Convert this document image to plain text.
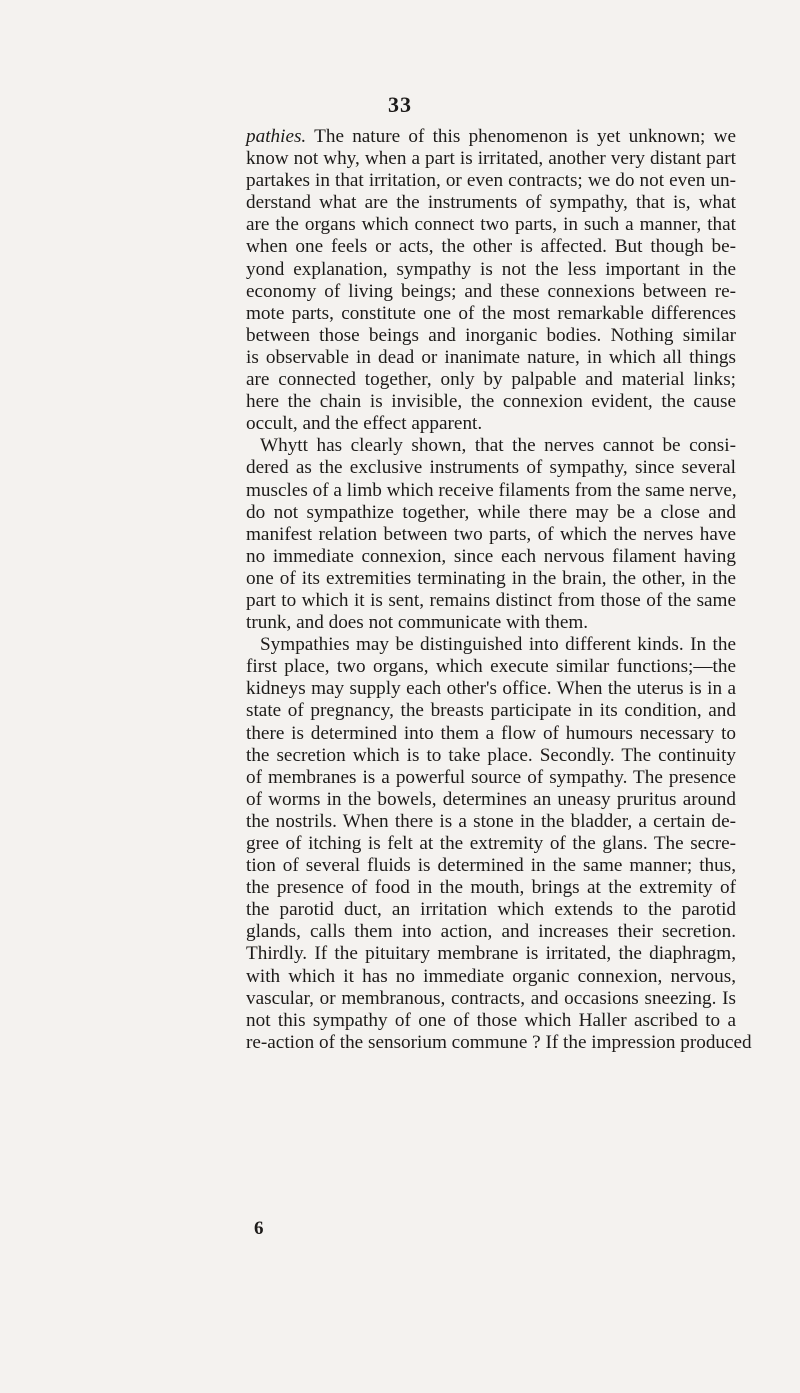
33
pathies. The nature of this phenomenon is yet unknown; we
know not why, when a part is irritated, another very distant part
partakes in that irritation, or even contracts; we do not even un-
derstand what are the instruments of sympathy, that is, what
are the organs which connect two parts, in such a manner, that
when one feels or acts, the other is affected. But though be-
yond explanation, sympathy is not the less important in the
economy of living beings; and these connexions between re-
mote parts, constitute one of the most remarkable differences
between those beings and inorganic bodies. Nothing similar
is observable in dead or inanimate nature, in which all things
are connected together, only by palpable and material links;
here the chain is invisible, the connexion evident, the cause
occult, and the effect apparent.
Whytt has clearly shown, that the nerves cannot be consi-
dered as the exclusive instruments of sympathy, since several
muscles of a limb which receive filaments from the same nerve,
do not sympathize together, while there may be a close and
manifest relation between two parts, of which the nerves have
no immediate connexion, since each nervous filament having
one of its extremities terminating in the brain, the other, in the
part to which it is sent, remains distinct from those of the same
trunk, and does not communicate with them.
Sympathies may be distinguished into different kinds. In the
first place, two organs, which execute similar functions;—the
kidneys may supply each other's office. When the uterus is in a
state of pregnancy, the breasts participate in its condition, and
there is determined into them a flow of humours necessary to
the secretion which is to take place. Secondly. The continuity
of membranes is a powerful source of sympathy. The presence
of worms in the bowels, determines an uneasy pruritus around
the nostrils. When there is a stone in the bladder, a certain de-
gree of itching is felt at the extremity of the glans. The secre-
tion of several fluids is determined in the same manner; thus,
the presence of food in the mouth, brings at the extremity of
the parotid duct, an irritation which extends to the parotid
glands, calls them into action, and increases their secretion.
Thirdly. If the pituitary membrane is irritated, the diaphragm,
with which it has no immediate organic connexion, nervous,
vascular, or membranous, contracts, and occasions sneezing. Is
not this sympathy of one of those which Haller ascribed to a
re-action of the sensorium commune ? If the impression produced
6
